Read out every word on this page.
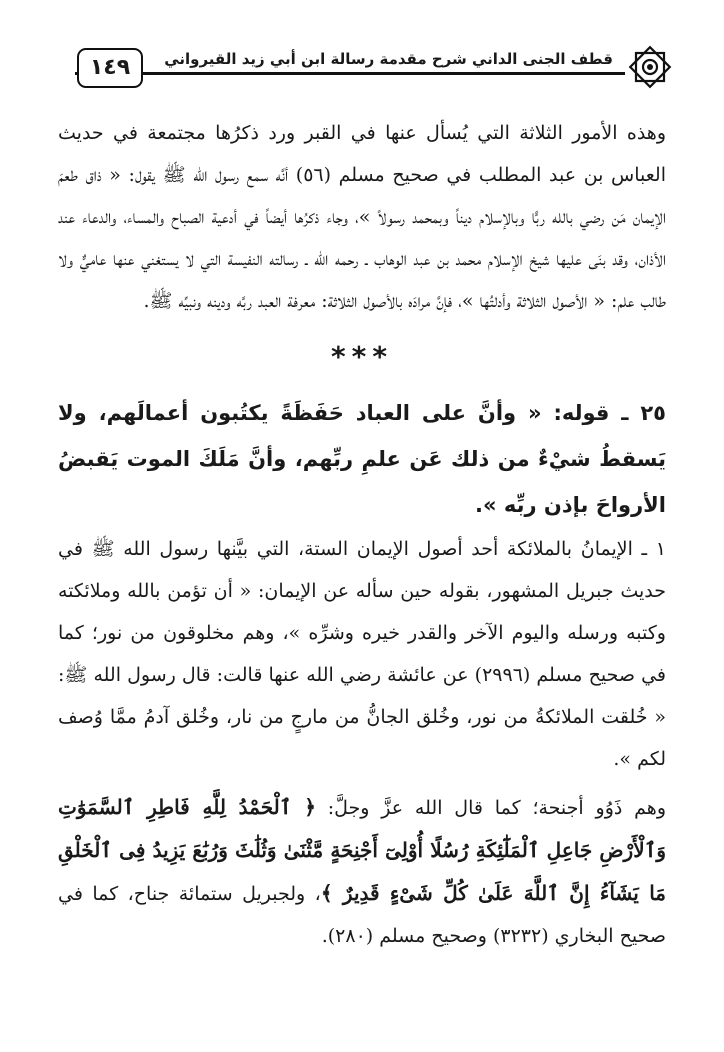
١٤٩	قطف الجنى الداني شرح مقدمة رسالة ابن أبي زيد القيرواني

وهذه الأمور الثلاثة التي يُسأل عنها في القبر ورد ذكرُها مجتمعة في حديث العباس بن عبد المطلب في صحيح مسلم (٥٦) أنَّه سمع رسول الله ﷺ يقول: « ذاق طعمَ الإيمان مَن رضي بالله ربًّا وبالإسلام ديناً وبمحمد رسولاً »، وجاء ذكرُها أيضاً في أدعية الصباح والمساء، والدعاء عند الأذان، وقد بنَى عليها شيخ الإسلام محمد بن عبد الوهاب ـ رحمه الله ـ رسالته النفيسة التي لا يستغني عنها عاميٌّ ولا طالب علم: « الأصول الثلاثة وأدلتُها »، فإنَّ مرادَه بالأصول الثلاثة: معرفة العبد ربَّه ودينه ونبيِّه ﷺ.

***

٢٥ ـ قوله: « وأنَّ على العباد حَفَظَةً يكتُبون أعمالَهم، ولا يَسقطُ شيْءٌ من ذلك عَن علمِ ربِّهم، وأنَّ مَلَكَ الموت يَقبضُ الأرواحَ بإذن ربِّه ».

١ ـ الإيمانُ بالملائكة أحد أصول الإيمان الستة، التي بيَّنها رسول الله ﷺ في حديث جبريل المشهور، بقوله حين سأله عن الإيمان: « أن تؤمن بالله وملائكته وكتبه ورسله واليوم الآخر والقدر خيره وشرِّه »، وهم مخلوقون من نور؛ كما في صحيح مسلم (٢٩٩٦) عن عائشة رضي الله عنها قالت: قال رسول الله ﷺ: « خُلقت الملائكةُ من نور، وخُلق الجانُّ من مارجٍ من نار، وخُلق آدمُ ممَّا وُصف لكم ».

وهم ذَوُو أجنحة؛ كما قال الله عزَّ وجلَّ: ﴿ ٱلْحَمْدُ لِلَّهِ فَاطِرِ ٱلسَّمَوَٰتِ وَٱلْأَرْضِ جَاعِلِ ٱلْمَلَٰٓئِكَةِ رُسُلًا أُوْلِىٓ أَجْنِحَةٍ مَّثْنَىٰ وَثُلَٰثَ وَرُبَٰعَ يَزِيدُ فِى ٱلْخَلْقِ مَا يَشَآءُ إِنَّ ٱللَّهَ عَلَىٰ كُلِّ شَىْءٍ قَدِيرٌ ﴾، ولجبريل ستمائة جناح، كما في صحيح البخاري (٣٢٣٢) وصحيح مسلم (٢٨٠).
